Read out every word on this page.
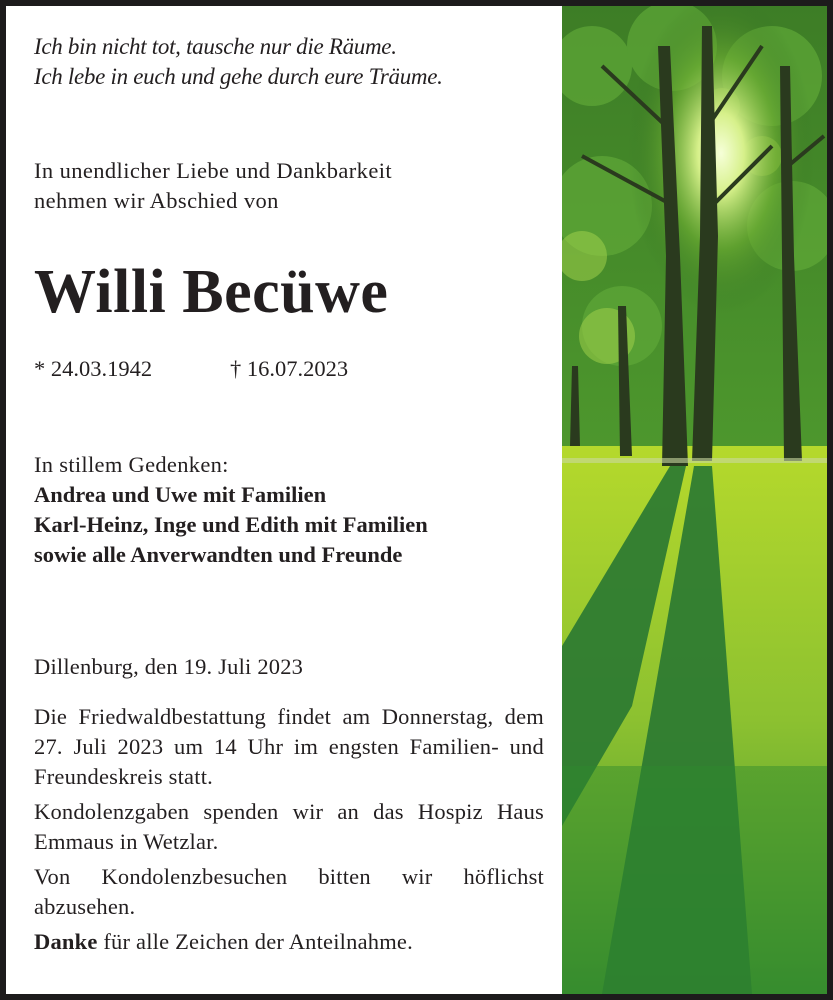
Ich bin nicht tot, tausche nur die Räume.
Ich lebe in euch und gehe durch eure Träume.
In unendlicher Liebe und Dankbarkeit
nehmen wir Abschied von
Willi Becüwe
* 24.03.1942	† 16.07.2023
In stillem Gedenken:
Andrea und Uwe mit Familien
Karl-Heinz, Inge und Edith mit Familien
sowie alle Anverwandten und Freunde
Dillenburg, den 19. Juli 2023

Die Friedwaldbestattung findet am Donnerstag, dem 27. Juli 2023 um 14 Uhr im engsten Familien- und Freundeskreis statt.

Kondolenzgaben spenden wir an das Hospiz Haus Emmaus in Wetzlar.

Von Kondolenzbesuchen bitten wir höflichst abzusehen.

Danke für alle Zeichen der Anteilnahme.
